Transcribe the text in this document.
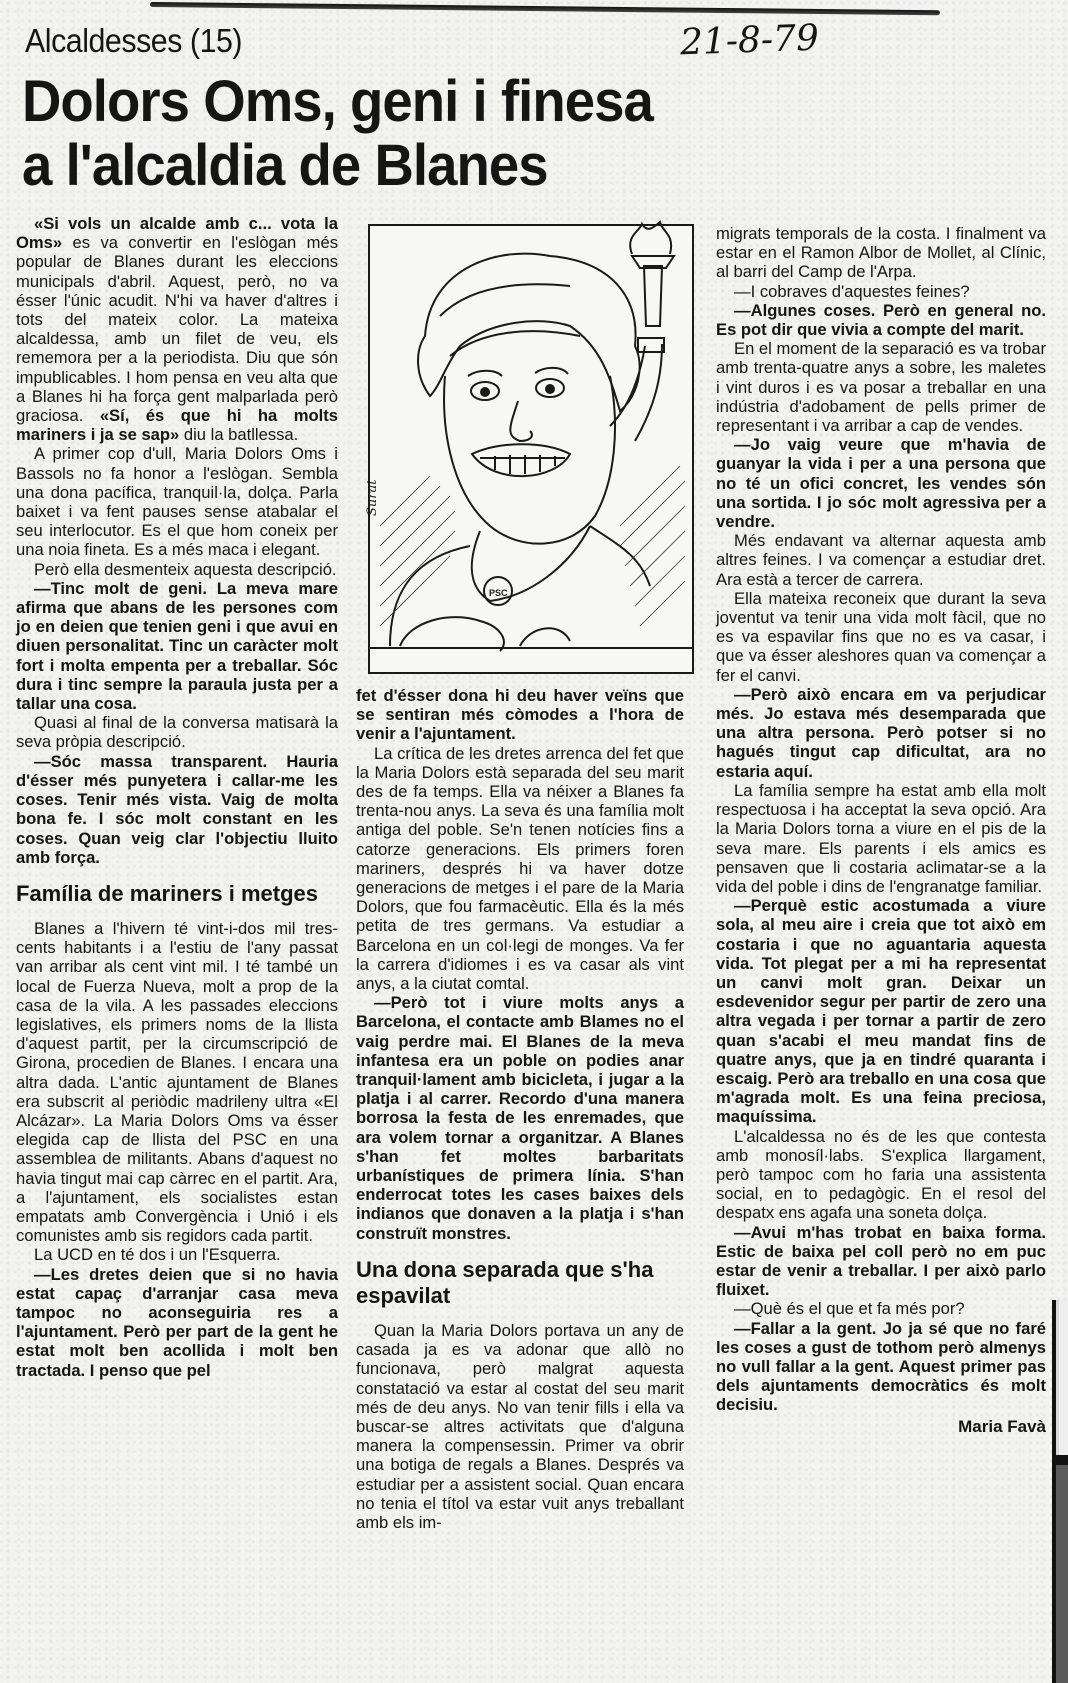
Alcaldesses (15)	21-8-79
Dolors Oms, geni i finesa
a l'alcaldia de Blanes
Surat
PSC

«Si vols un alcalde amb c... vota la Oms» es va convertir en l'eslògan més popular de Blanes durant les eleccions municipals d'abril. Aquest, però, no va ésser l'únic acudit. N'hi va haver d'altres i tots del mateix color. La mateixa alcaldessa, amb un filet de veu, els rememora per a la periodista. Diu que són impublicables. I hom pensa en veu alta que a Blanes hi ha força gent malparlada però graciosa. «Sí, és que hi ha molts mariners i ja se sap» diu la batllessa.

A primer cop d'ull, Maria Dolors Oms i Bassols no fa honor a l'eslògan. Sembla una dona pacífica, tranquil·la, dolça. Parla baixet i va fent pauses sense atabalar el seu interlocutor. Es el que hom coneix per una noia fineta. Es a més maca i elegant.

Però ella desmenteix aquesta descripció.

—Tinc molt de geni. La meva mare afirma que abans de les persones com jo en deien que tenien geni i que avui en diuen personalitat. Tinc un caràcter molt fort i molta empenta per a treballar. Sóc dura i tinc sempre la paraula justa per a tallar una cosa.

Quasi al final de la conversa matisarà la seva pròpia descripció.

—Sóc massa transparent. Hauria d'ésser més punyetera i callar-me les coses. Tenir més vista. Vaig de molta bona fe. I sóc molt constant en les coses. Quan veig clar l'objectiu lluito amb força.

Família de mariners i metges

Blanes a l'hivern té vint-i-dos mil tres-cents habitants i a l'estiu de l'any passat van arribar als cent vint mil. I té també un local de Fuerza Nueva, molt a prop de la casa de la vila. A les passades eleccions legislatives, els primers noms de la llista d'aquest partit, per la circumscripció de Girona, procedien de Blanes. I encara una altra dada. L'antic ajuntament de Blanes era subscrit al periòdic madrileny ultra «El Alcázar». La Maria Dolors Oms va ésser elegida cap de llista del PSC en una assemblea de militants. Abans d'aquest no havia tingut mai cap càrrec en el partit. Ara, a l'ajuntament, els socialistes estan empatats amb Convergència i Unió i els comunistes amb sis regidors cada partit.

La UCD en té dos i un l'Esquerra.

—Les dretes deien que si no havia estat capaç d'arranjar casa meva tampoc no aconseguiria res a l'ajuntament. Però per part de la gent he estat molt ben acollida i molt ben tractada. I penso que pel

fet d'ésser dona hi deu haver veïns que se sentiran més còmodes a l'hora de venir a l'ajuntament.

La crítica de les dretes arrenca del fet que la Maria Dolors està separada del seu marit des de fa temps. Ella va néixer a Blanes fa trenta-nou anys. La seva és una família molt antiga del poble. Se'n tenen notícies fins a catorze generacions. Els primers foren mariners, després hi va haver dotze generacions de metges i el pare de la Maria Dolors, que fou farmacèutic. Ella és la més petita de tres germans. Va estudiar a Barcelona en un col·legi de monges. Va fer la carrera d'idiomes i es va casar als vint anys, a la ciutat comtal.

—Però tot i viure molts anys a Barcelona, el contacte amb Blames no el vaig perdre mai. El Blanes de la meva infantesa era un poble on podies anar tranquil·lament amb bicicleta, i jugar a la platja i al carrer. Recordo d'una manera borrosa la festa de les enremades, que ara volem tornar a organitzar. A Blanes s'han fet moltes barbaritats urbanístiques de primera línia. S'han enderrocat totes les cases baixes dels indianos que donaven a la platja i s'han construït monstres.

Una dona separada que s'ha espavilat

Quan la Maria Dolors portava un any de casada ja es va adonar que allò no funcionava, però malgrat aquesta constatació va estar al costat del seu marit més de deu anys. No van tenir fills i ella va buscar-se altres activitats que d'alguna manera la compensessin. Primer va obrir una botiga de regals a Blanes. Després va estudiar per a assistent social. Quan encara no tenia el títol va estar vuit anys treballant amb els im-

migrats temporals de la costa. I finalment va estar en el Ramon Albor de Mollet, al Clínic, al barri del Camp de l'Arpa.

—I cobraves d'aquestes feines?

—Algunes coses. Però en general no. Es pot dir que vivia a compte del marit.

En el moment de la separació es va trobar amb trenta-quatre anys a sobre, les maletes i vint duros i es va posar a treballar en una indústria d'adobament de pells primer de representant i va arribar a cap de vendes.

—Jo vaig veure que m'havia de guanyar la vida i per a una persona que no té un ofici concret, les vendes són una sortida. I jo sóc molt agressiva per a vendre.

Més endavant va alternar aquesta amb altres feines. I va començar a estudiar dret. Ara està a tercer de carrera.

Ella mateixa reconeix que durant la seva joventut va tenir una vida molt fàcil, que no es va espavilar fins que no es va casar, i que va ésser aleshores quan va començar a fer el canvi.

—Però això encara em va perjudicar més. Jo estava més desemparada que una altra persona. Però potser si no hagués tingut cap dificultat, ara no estaria aquí.

La família sempre ha estat amb ella molt respectuosa i ha acceptat la seva opció. Ara la Maria Dolors torna a viure en el pis de la seva mare. Els parents i els amics es pensaven que li costaria aclimatar-se a la vida del poble i dins de l'engranatge familiar.

—Perquè estic acostumada a viure sola, al meu aire i creia que tot això em costaria i que no aguantaria aquesta vida. Tot plegat per a mi ha representat un canvi molt gran. Deixar un esdevenidor segur per partir de zero una altra vegada i per tornar a partir de zero quan s'acabi el meu mandat fins de quatre anys, que ja en tindré quaranta i escaig. Però ara treballo en una cosa que m'agrada molt. Es una feina preciosa, maquíssima.

L'alcaldessa no és de les que contesta amb monosíl·labs. S'explica llargament, però tampoc com ho faria una assistenta social, en to pedagògic. En el resol del despatx ens agafa una soneta dolça.

—Avui m'has trobat en baixa forma. Estic de baixa pel coll però no em puc estar de venir a treballar. I per això parlo fluixet.

—Què és el que et fa més por?

—Fallar a la gent. Jo ja sé que no faré les coses a gust de tothom però almenys no vull fallar a la gent. Aquest primer pas dels ajuntaments democràtics és molt decisiu.

Maria Favà
